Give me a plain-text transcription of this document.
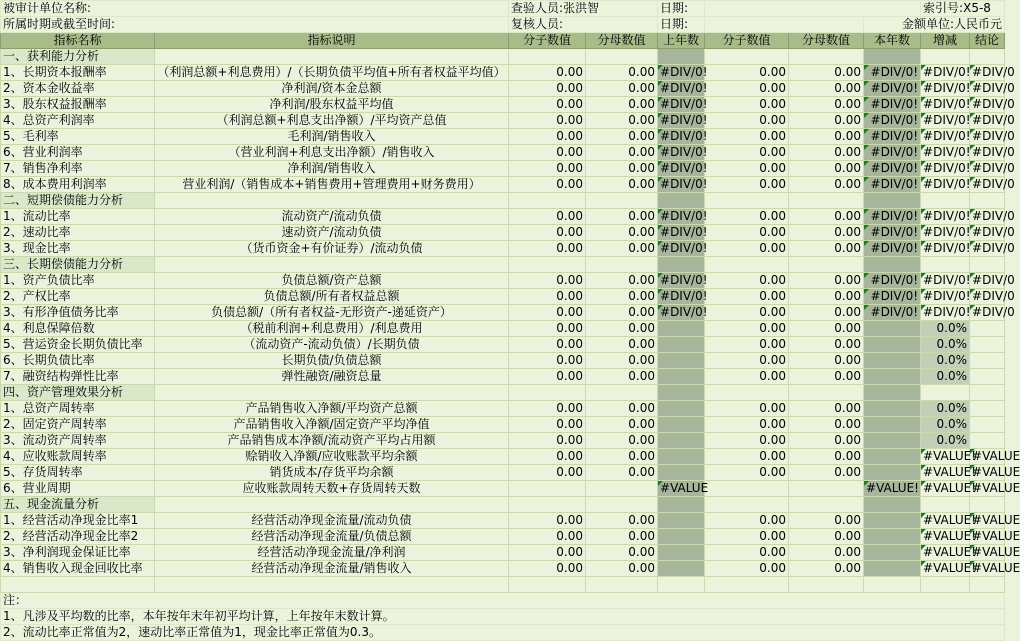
被审计单位名称:		查验人员:张洪智		日期:				索引号:X5-8	
所属时期或截至时间:		复核人员:		日期:			金额单位:人民币元		
指标名称	指标说明	分子数值	分母数值	上年数	分子数值	分母数值	本年数	增减	结论
一、获利能力分析									
1、长期资本报酬率	（利润总额+利息费用）/（长期负债平均值+所有者权益平均值）	0.00	0.00	#DIV/0!	0.00	0.00	#DIV/0!	#DIV/0!	#DIV/0
2、资本金收益率	净利润/资本金总额	0.00	0.00	#DIV/0!	0.00	0.00	#DIV/0!	#DIV/0!	#DIV/0
3、股东权益报酬率	净利润/股东权益平均值	0.00	0.00	#DIV/0!	0.00	0.00	#DIV/0!	#DIV/0!	#DIV/0
4、总资产利润率	（利润总额+利息支出净额）/平均资产总值	0.00	0.00	#DIV/0!	0.00	0.00	#DIV/0!	#DIV/0!	#DIV/0
5、毛利率	毛利润/销售收入	0.00	0.00	#DIV/0!	0.00	0.00	#DIV/0!	#DIV/0!	#DIV/0
6、营业利润率	（营业利润+利息支出净额）/销售收入	0.00	0.00	#DIV/0!	0.00	0.00	#DIV/0!	#DIV/0!	#DIV/0
7、销售净利率	净利润/销售收入	0.00	0.00	#DIV/0!	0.00	0.00	#DIV/0!	#DIV/0!	#DIV/0
8、成本费用利润率	营业利润/（销售成本+销售费用+管理费用+财务费用）	0.00	0.00	#DIV/0!	0.00	0.00	#DIV/0!	#DIV/0!	#DIV/0
二、短期偿债能力分析									
1、流动比率	流动资产/流动负债	0.00	0.00	#DIV/0!	0.00	0.00	#DIV/0!	#DIV/0!	#DIV/0
2、速动比率	速动资产/流动负债	0.00	0.00	#DIV/0!	0.00	0.00	#DIV/0!	#DIV/0!	#DIV/0
3、现金比率	（货币资金+有价证券）/流动负债	0.00	0.00	#DIV/0!	0.00	0.00	#DIV/0!	#DIV/0!	#DIV/0
三、长期偿债能力分析									
1、资产负债比率	负债总额/资产总额	0.00	0.00	#DIV/0!	0.00	0.00	#DIV/0!	#DIV/0!	#DIV/0
2、产权比率	负债总额/所有者权益总额	0.00	0.00	#DIV/0!	0.00	0.00	#DIV/0!	#DIV/0!	#DIV/0
3、有形净值债务比率	负债总额/（所有者权益-无形资产-递延资产）	0.00	0.00	#DIV/0!	0.00	0.00	#DIV/0!	#DIV/0!	#DIV/0
4、利息保障倍数	（税前利润+利息费用）/利息费用	0.00	0.00		0.00	0.00		0.0%	
5、营运资金长期负债比率	（流动资产-流动负债）/长期负债	0.00	0.00		0.00	0.00		0.0%	
6、长期负债比率	长期负债/负债总额	0.00	0.00		0.00	0.00		0.0%	
7、融资结构弹性比率	弹性融资/融资总量	0.00	0.00		0.00	0.00		0.0%	
四、资产管理效果分析									
1、总资产周转率	产品销售收入净额/平均资产总额	0.00	0.00		0.00	0.00		0.0%	
2、固定资产周转率	产品销售收入净额/固定资产平均净值	0.00	0.00		0.00	0.00		0.0%	
3、流动资产周转率	产品销售成本净额/流动资产平均占用额	0.00	0.00		0.00	0.00		0.0%	
4、应收账款周转率	赊销收入净额/应收账款平均余额	0.00	0.00		0.00	0.00		#VALUE!	#VALUE
5、存货周转率	销货成本/存货平均余额	0.00	0.00		0.00	0.00		#VALUE!	#VALUE
6、营业周期	应收账款周转天数+存货周转天数			#VALUE			#VALUE!	#VALUE!	#VALUE
五、现金流量分析									
1、经营活动净现金比率1	经营活动净现金流量/流动负债	0.00	0.00		0.00	0.00		#VALUE!	#VALUE
2、经营活动净现金比率2	经营活动净现金流量/负债总额	0.00	0.00		0.00	0.00		#VALUE!	#VALUE
3、净利润现金保证比率	经营活动净现金流量/净利润	0.00	0.00		0.00	0.00		#VALUE!	#VALUE
4、销售收入现金回收比率	经营活动净现金流量/销售收入	0.00	0.00		0.00	0.00		#VALUE!	#VALUE

注：									
1、凡涉及平均数的比率，本年按年末年初平均计算，上年按年末数计算。									
2、流动比率正常值为2，速动比率正常值为1，现金比率正常值为0.3。									
